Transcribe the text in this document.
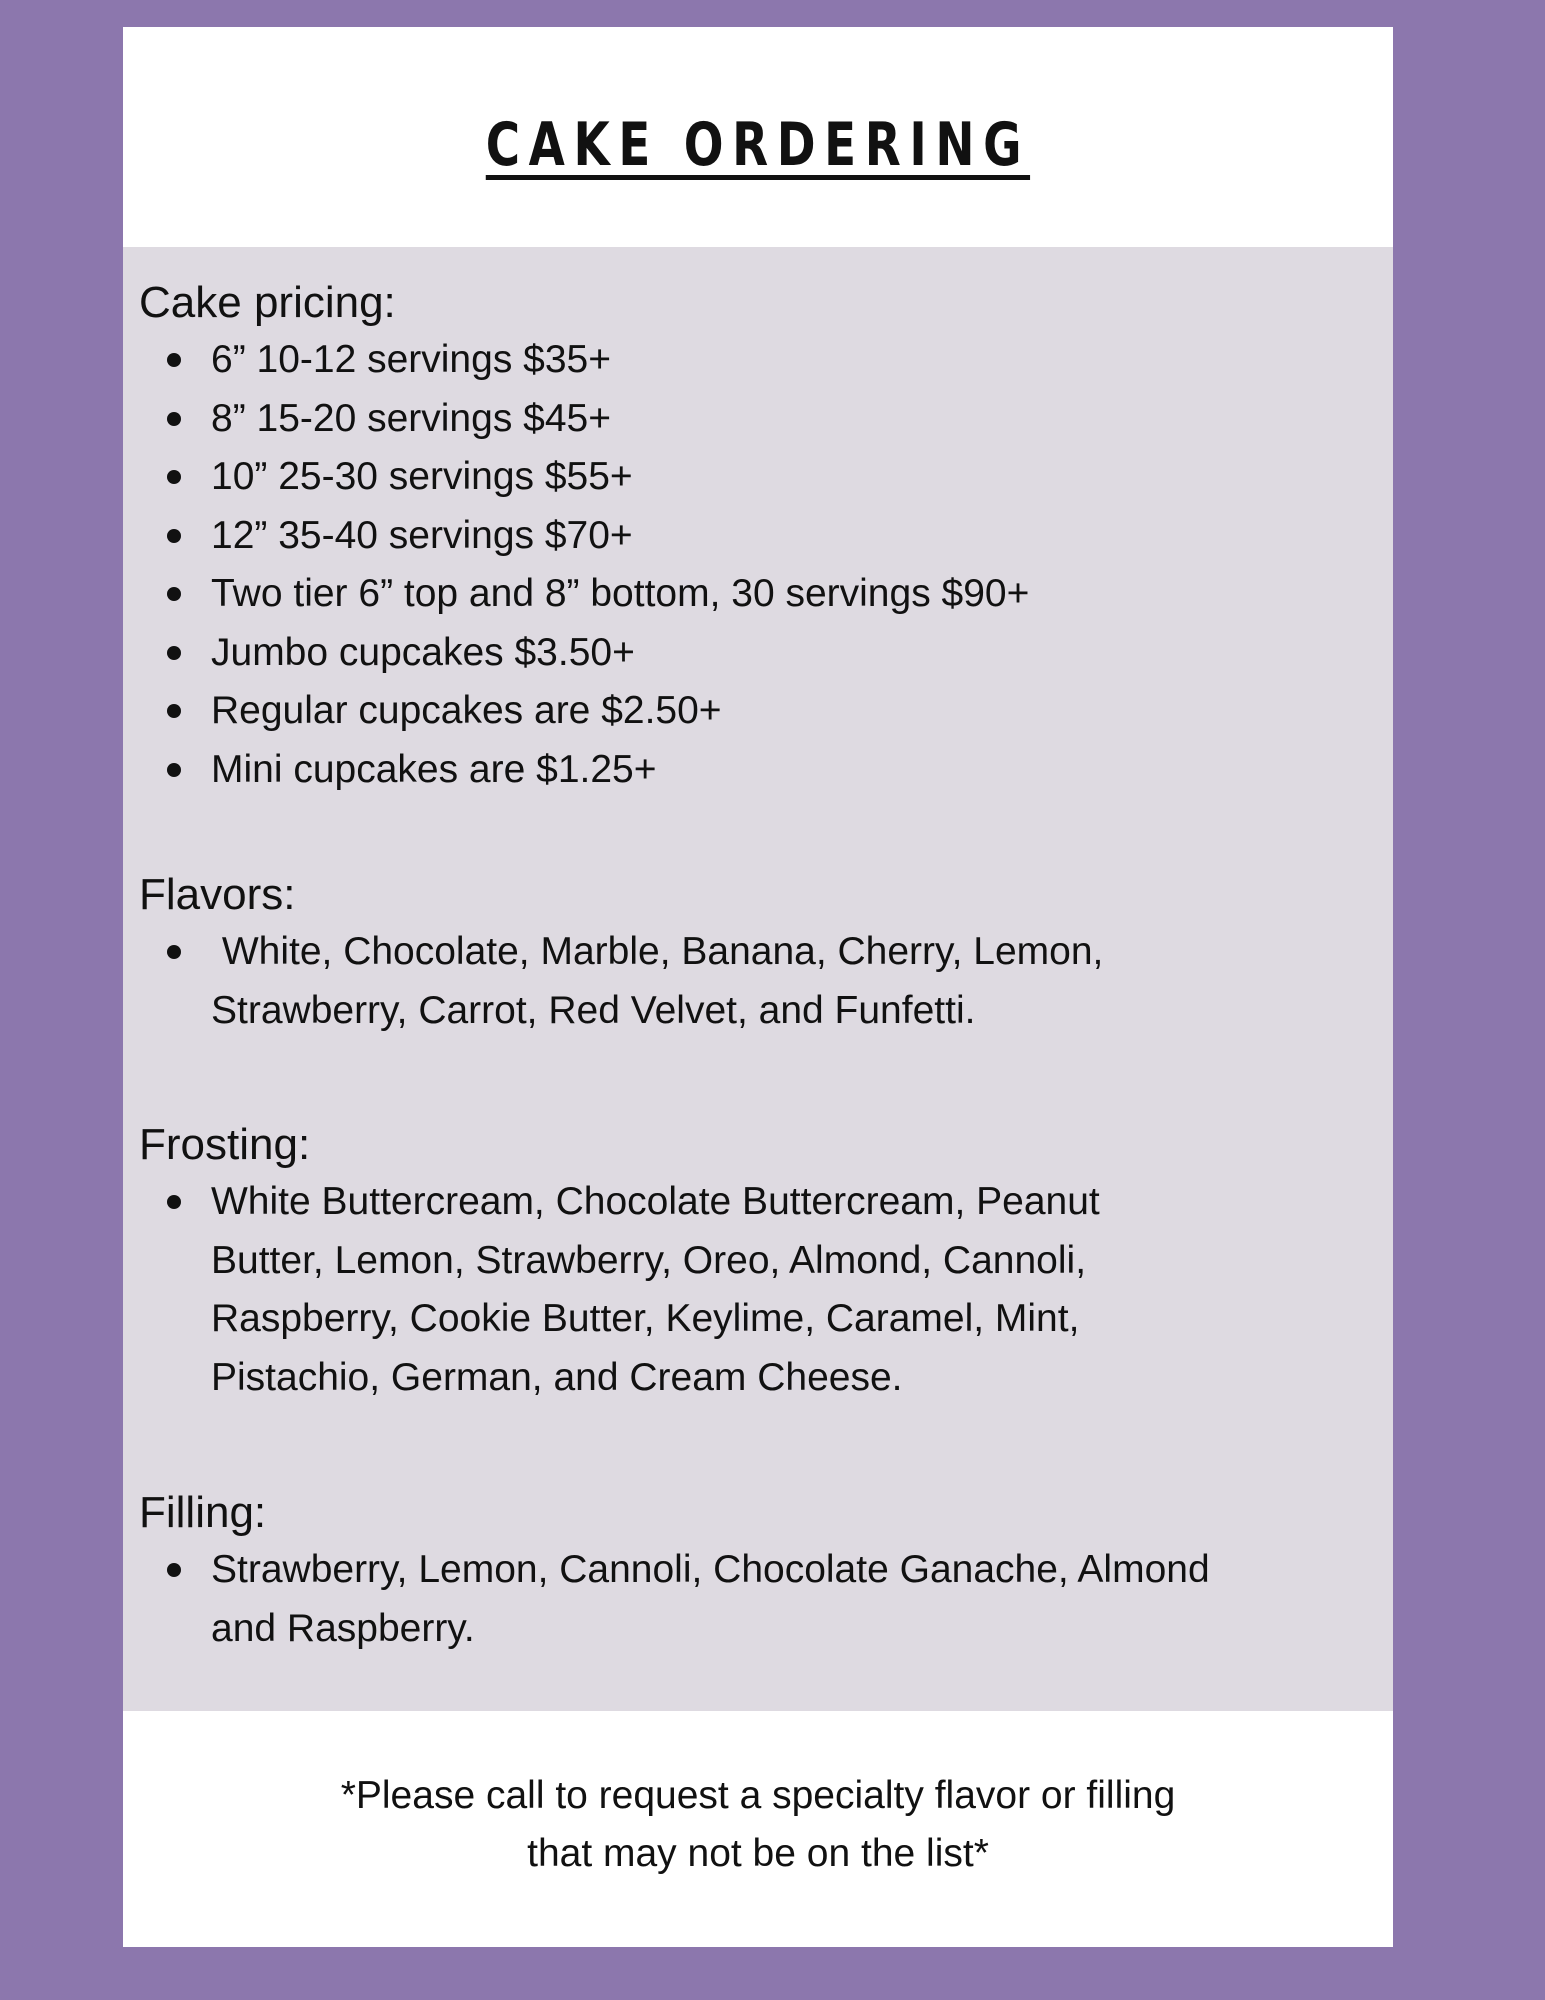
CAKE ORDERING
Cake pricing:
6” 10-12 servings $35+
8” 15-20 servings $45+
10” 25-30 servings $55+
12” 35-40 servings $70+
Two tier 6” top and 8” bottom, 30 servings $90+
Jumbo cupcakes $3.50+
Regular cupcakes are $2.50+
Mini cupcakes are $1.25+
Flavors:
White, Chocolate, Marble, Banana, Cherry, Lemon,
Strawberry, Carrot, Red Velvet, and Funfetti.
Frosting:
White Buttercream, Chocolate Buttercream, Peanut
Butter, Lemon, Strawberry, Oreo, Almond, Cannoli,
Raspberry, Cookie Butter, Keylime, Caramel, Mint,
Pistachio, German, and Cream Cheese.
Filling:
Strawberry, Lemon, Cannoli, Chocolate Ganache, Almond
and Raspberry.

*Please call to request a specialty flavor or filling
that may not be on the list*
